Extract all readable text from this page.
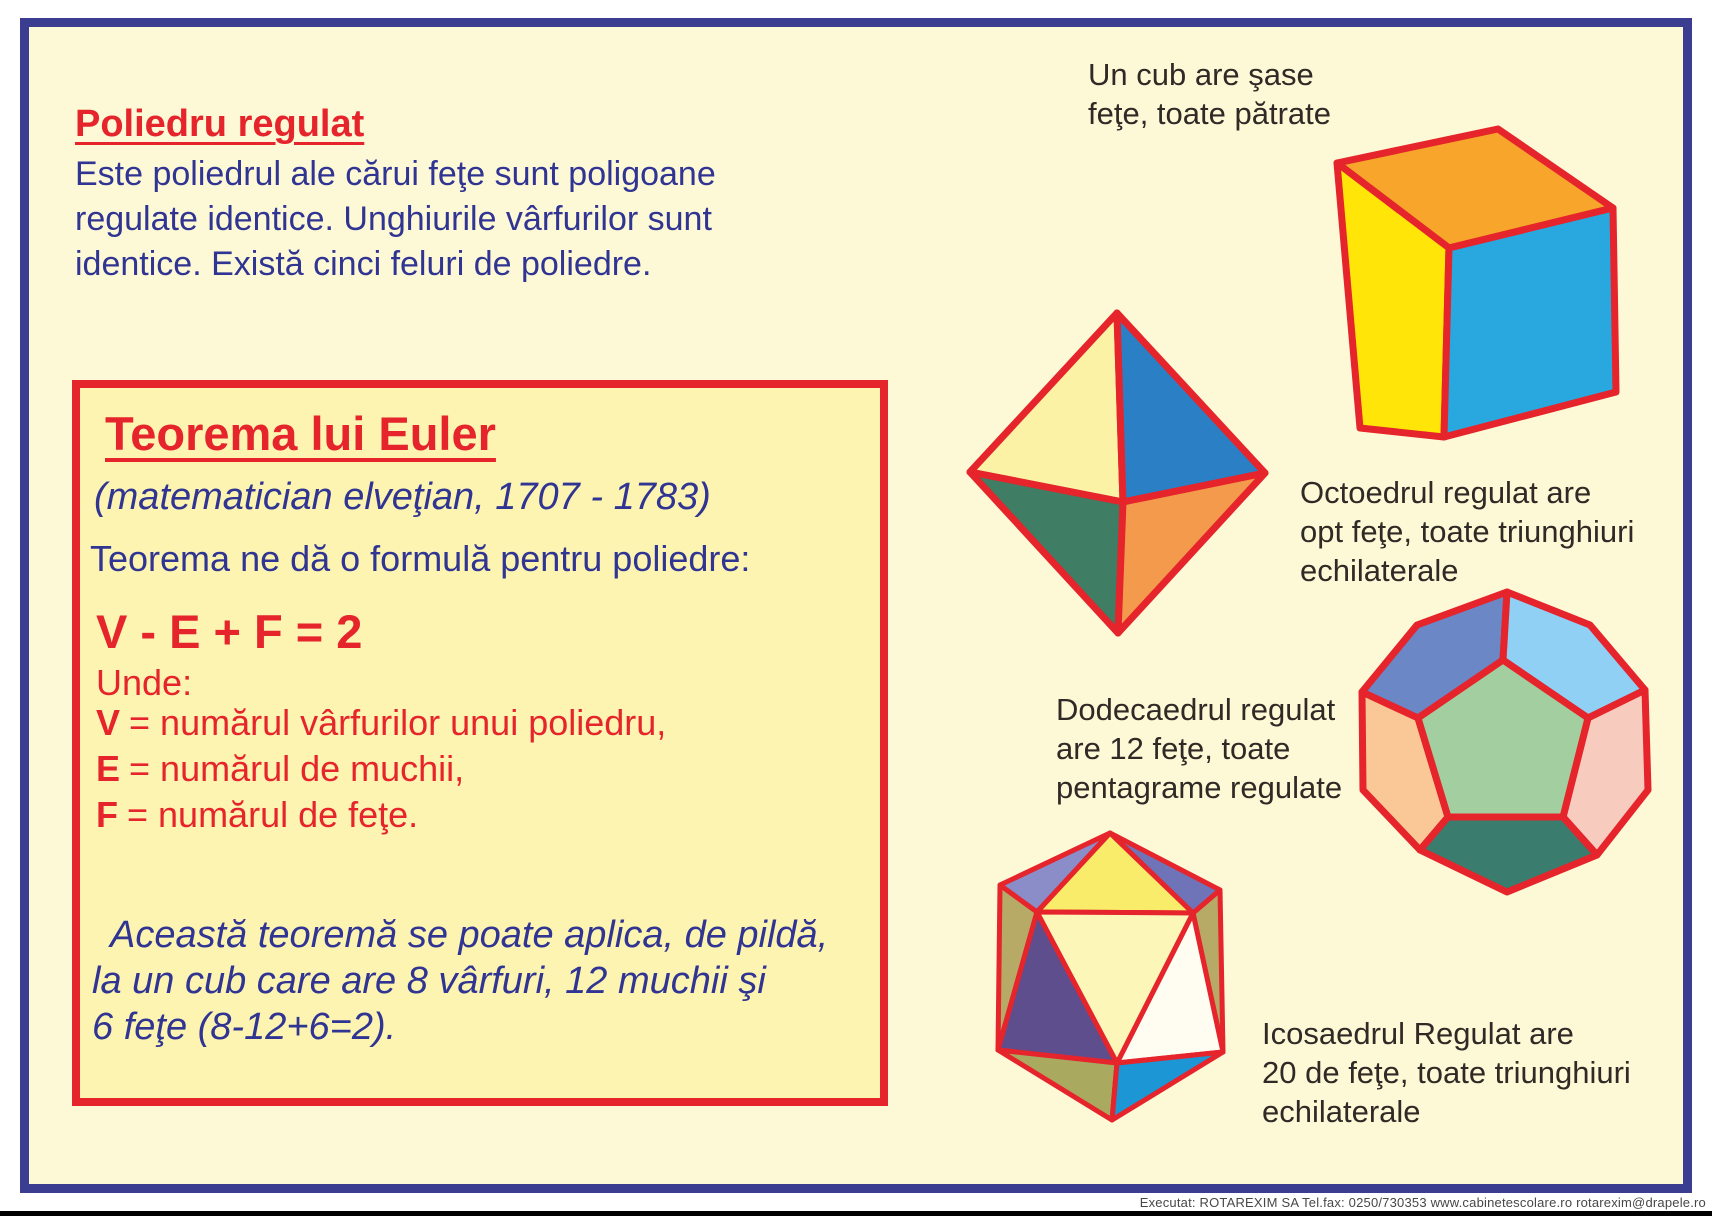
Poliedru regulat
Este poliedrul ale cărui feţe sunt poligoane
regulate identice. Unghiurile vârfurilor sunt
identice. Există cinci feluri de poliedre.
Teorema lui Euler
(matematician elveţian, 1707 - 1783)
Teorema ne dă o formulă pentru poliedre:
V - E + F = 2
Unde:
V = numărul vârfurilor unui poliedru,
E = numărul de muchii,
F = numărul de feţe.
Această teoremă se poate aplica, de pildă,
la un cub care are 8 vârfuri, 12 muchii şi
6 feţe (8-12+6=2).
Un cub are şase
feţe, toate pătrate
Octoedrul regulat are
opt feţe, toate triunghiuri
echilaterale
Dodecaedrul regulat
are 12 feţe, toate
pentagrame regulate
Icosaedrul Regulat are
20 de feţe, toate triunghiuri
echilaterale
Executat: ROTAREXIM SA Tel.fax: 0250/730353 www.cabinetescolare.ro rotarexim@drapele.ro
